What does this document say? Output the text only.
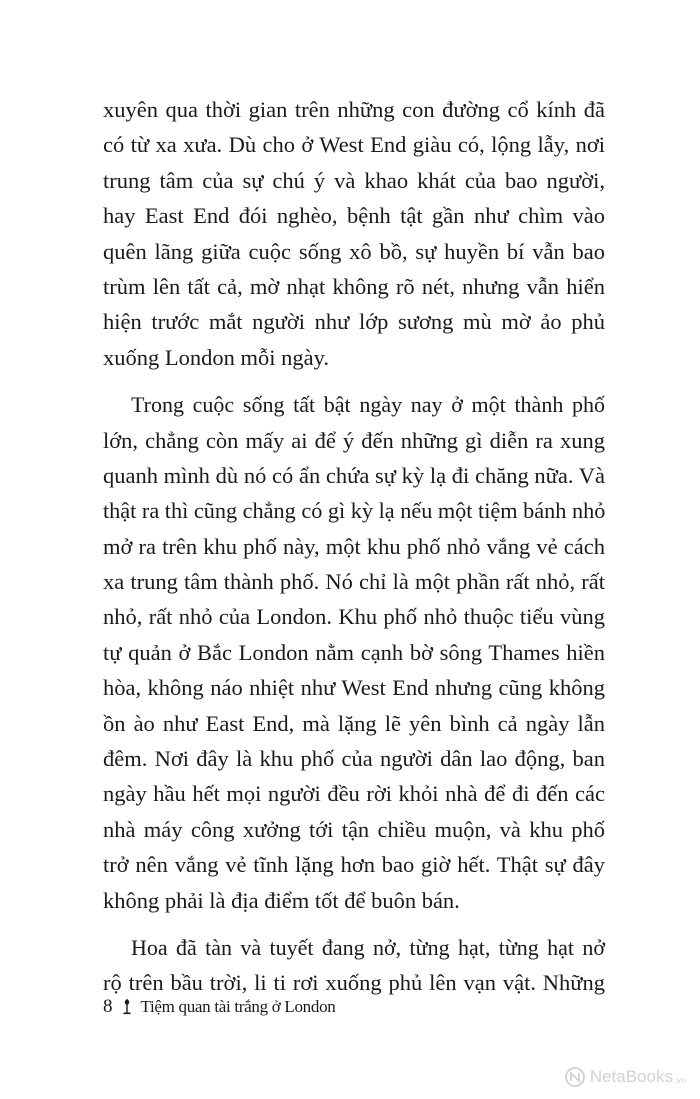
xuyên qua thời gian trên những con đường cổ kính đã
có từ xa xưa. Dù cho ở West End giàu có, lộng lẫy, nơi
trung tâm của sự chú ý và khao khát của bao người,
hay East End đói nghèo, bệnh tật gần như chìm vào
quên lãng giữa cuộc sống xô bồ, sự huyền bí vẫn bao
trùm lên tất cả, mờ nhạt không rõ nét, nhưng vẫn hiển
hiện trước mắt người như lớp sương mù mờ ảo phủ
xuống London mỗi ngày.
Trong cuộc sống tất bật ngày nay ở một thành phố
lớn, chẳng còn mấy ai để ý đến những gì diễn ra xung
quanh mình dù nó có ẩn chứa sự kỳ lạ đi chăng nữa. Và
thật ra thì cũng chẳng có gì kỳ lạ nếu một tiệm bánh nhỏ
mở ra trên khu phố này, một khu phố nhỏ vắng vẻ cách
xa trung tâm thành phố. Nó chỉ là một phần rất nhỏ, rất
nhỏ, rất nhỏ của London. Khu phố nhỏ thuộc tiểu vùng
tự quản ở Bắc London nằm cạnh bờ sông Thames hiền
hòa, không náo nhiệt như West End nhưng cũng không
ồn ào như East End, mà lặng lẽ yên bình cả ngày lẫn
đêm. Nơi đây là khu phố của người dân lao động, ban
ngày hầu hết mọi người đều rời khỏi nhà để đi đến các
nhà máy công xưởng tới tận chiều muộn, và khu phố
trở nên vắng vẻ tĩnh lặng hơn bao giờ hết. Thật sự đây
không phải là địa điểm tốt để buôn bán.
Hoa đã tàn và tuyết đang nở, từng hạt, từng hạt nở
rộ trên bầu trời, li ti rơi xuống phủ lên vạn vật. Những
8 Tiệm quan tài trắng ở London
NetaBooks .vn
